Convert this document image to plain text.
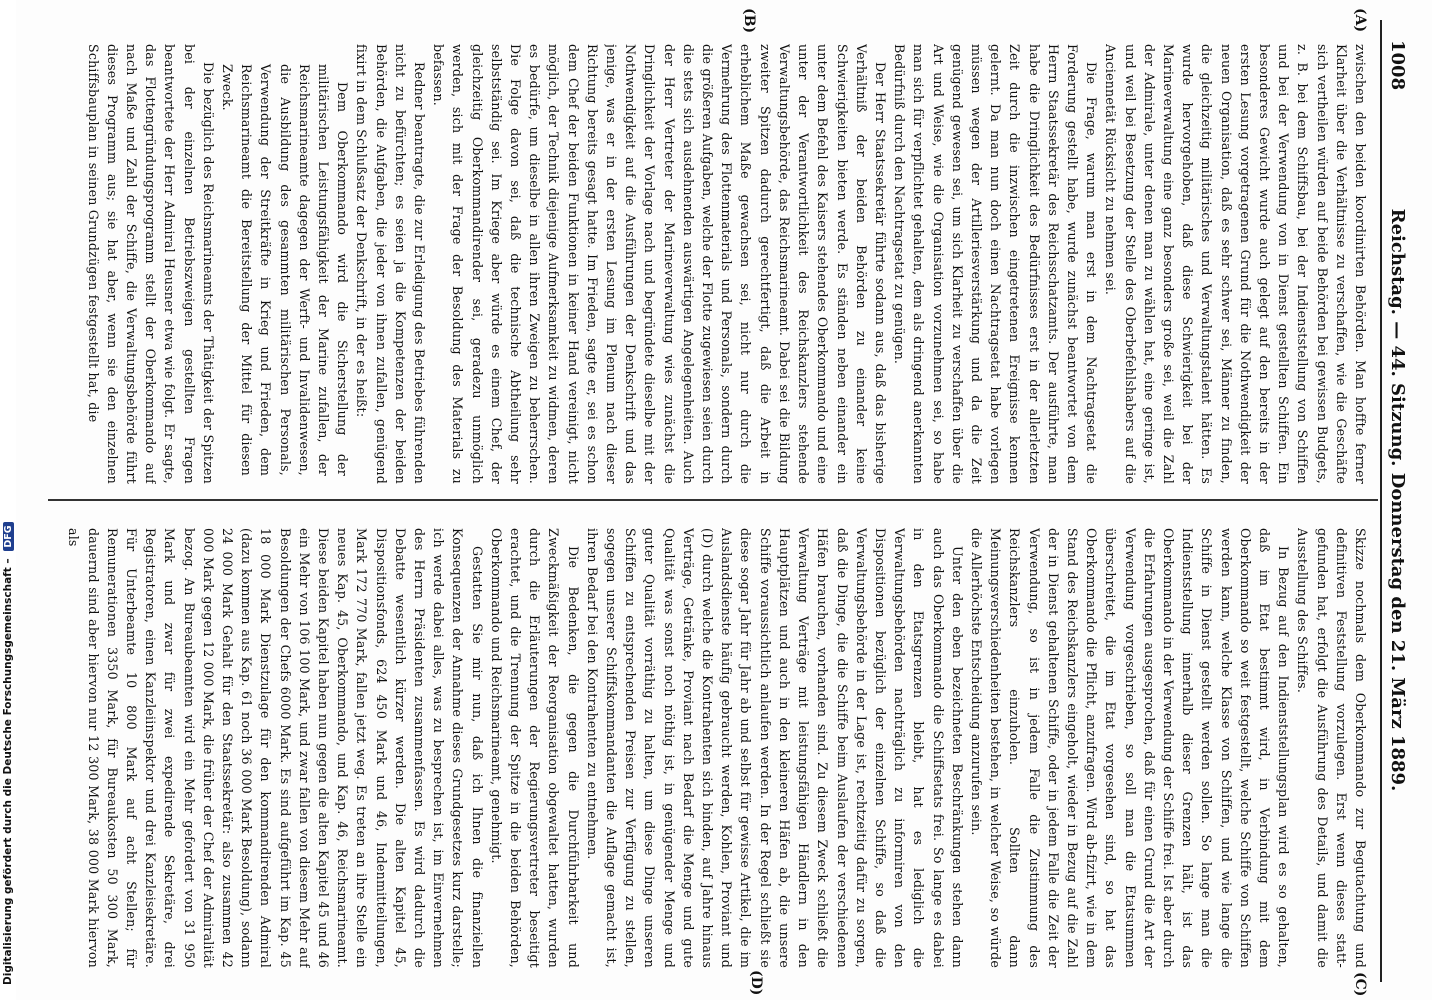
1008
Reichstag. — 44. Sitzung. Donnerstag den 21. März 1889.
(A)
(B)
(C)
(D)

zwischen den beiden koordinirten Behörden. Man hoffte ferner Klarheit über die Verhältnisse zu verschaffen, wie die Geschäfte sich vertheilen würden auf beide Behörden bei gewissen Budgets, z. B. bei dem Schiffsbau, bei der Indienststellung von Schiffen und bei der Verwendung von in Dienst gestellten Schiffen. Ein besonderes Gewicht wurde auch gelegt auf den bereits in der ersten Lesung vorgetragenen Grund für die Nothwendigkeit der neuen Organisation, daß es sehr schwer sei, Männer zu finden, die gleichzeitig militärisches und Verwaltungstalent hätten. Es wurde hervorgehoben, daß diese Schwierigkeit bei der Marineverwaltung eine ganz besonders große sei, weil die Zahl der Admirale, unter denen man zu wählen hat, eine geringe ist, und weil bei Besetzung der Stelle des Oberbefehlshabers auf die Anciennetät Rücksicht zu nehmen sei.

Die Frage, warum man erst in dem Nachtragsetat die Forderung gestellt habe, wurde zunächst beantwortet von dem Herrn Staatssekretär des Reichsschatzamts. Der ausführte, man habe die Dringlichkeit des Bedürfnisses erst in der allerletzten Zeit durch die inzwischen eingetretenen Ereignisse kennen gelernt. Da man nun doch einen Nachtragsetat habe vorlegen müssen wegen der Artilleriesverstärkung und da die Zeit genügend gewesen sei, um sich Klarheit zu verschaffen über die Art und Weise, wie die Organisation vorzunehmen sei, so habe man sich für verpflichtet gehalten, dem als dringend anerkannten Bedürfniß durch den Nachtragsetat zu genügen.

Der Herr Staatssekretär führte sodann aus, daß das bisherige Verhältniß der beiden Behörden zu einander keine Schwierigkeiten bieten werde. Es ständen neben einander ein unter dem Befehl des Kaisers stehendes Oberkommando und eine unter der Verantwortlichkeit des Reichskanzlers stehende Verwaltungsbehörde, das Reichsmarineamt. Dabei sei die Bildung zweiter Spitzen dadurch gerechtfertigt, daß die Arbeit in erheblichem Maße gewachsen sei, nicht nur durch die Vermehrung des Flottenmaterials und Personals, sondern durch die größeren Aufgaben, welche der Flotte zugewiesen seien durch die stets sich ausdehnenden auswärtigen Angelegenheiten. Auch der Herr Vertreter der Marineverwaltung wies zunächst die Dringlichkeit der Vorlage nach und begründete dieselbe mit der Nothwendigkeit auf die Ausführungen der Denkschrift und das jenige, was er in der ersten Lesung im Plenum nach dieser Richtung bereits gesagt hatte. Im Frieden, sagte er, sei es schon dem Chef der beiden Funktionen in keiner Hand vereinigt, nicht möglich, der Technik diejenige Aufmerksamkeit zu widmen, deren es bedürfe, um dieselbe in allen ihren Zweigen zu beherrschen. Die Folge davon sei, daß die technische Abtheilung sehr selbstständig sei. Im Kriege aber würde es einem Chef, der gleichzeitig Oberkommandirender sei, geradezu unmöglich werden, sich mit der Frage der Besoldung des Materials zu befassen.

Redner beantragte, die zur Erledigung des Betriebes führenden nicht zu befürchten; es seien ja die Kompetenzen der beiden Behörden, die Aufgaben, die jeder von ihnen zufallen, genügend fixirt in dem Schlußsatz der Denkschrift, in der es heißt:

Dem Oberkommando wird die Sicherstellung der militärischen Leistungsfähigkeit der Marine zufallen, der Reichsmarineamte dagegen der Werft- und Invalidenwesen, die Ausbildung des gesammten militärischen Personals, Verwendung der Streitkräfte in Krieg und Frieden, dem Reichsmarineamt die Bereitstellung der Mittel für diesen Zweck.

Die bezüglich des Reichsmarineamts der Thätigkeit der Spitzen bei der einzelnen Betriebszweigen gestellten Fragen beantwortete der Herr Admiral Heusner etwa wie folgt. Er sagte, das Flottengründungsprogramm stellt der Oberkommando auf nach Maße und Zahl der Schiffe, die Verwaltungsbehörde führt dieses Programm aus; sie hat aber, wenn sie den einzelnen Schiffsbauplan in seinen Grundzügen festgestellt hat, die

Skizze nochmals dem Oberkommando zur Begutachtung und definitiven Feststellung vorzulegen. Erst wenn dieses statt-gefunden hat, erfolgt die Ausführung des Details, und damit die Ausstellung des Schiffes.

In Bezug auf den Indienststellungsplan wird es so gehalten, daß im Etat bestimmt wird, in Verbindung mit dem Oberkommando so weit festgestellt, welche Schiffe von Schiffen werden kann, welche Klasse von Schiffen, und wie lange die Schiffe in Dienst gestellt werden sollen. So lange man die Indienststellung innerhalb dieser Grenzen hält, ist das Oberkommando in der Verwendung der Schiffe frei. Ist aber durch die Erfahrungen ausgesprochen, daß für einen Grund die Art der Verwendung vorgeschrieben, so soll man die Etatsummen überschreitet, die im Etat vorgesehen sind, so hat das Oberkommando die Pflicht, anzufragen. Wird ab-fizirt, wie in dem Stand des Reichskanzlers eingeholt, wieder in Bezug auf die Zahl der in Dienst gehaltenen Schiffe, oder in jedem Falle die Zeit der Verwendung, so ist in jedem Falle die Zustimmung des Reichskanzlers einzuholen. Sollten dann Meinungsverschiedenheiten bestehen, in welcher Weise, so würde die Allerhöchste Entscheidung anzurufen sein.

Unter den eben bezeichneten Beschränkungen stehen dann auch das Oberkommando die Schiffsetats frei. So lange es dabei in den Etatsgrenzen bleibt, hat es lediglich die Verwaltungsbehörden nachträglich zu informiren von den Dispositionen bezüglich der einzelnen Schiffe, so daß die Verwaltungsbehörde in der Lage ist, rechtzeitig dafür zu sorgen, daß die Dinge, die die Schiffe beim Auslaufen der verschiedenen Häfen brauchen, vorhanden sind. Zu diesem Zweck schließt die Verwaltung Verträge mit leistungsfähigen Händlern in den Hauptplätzen und auch in den kleineren Häfen ab, die unsere Schiffe voraussichtlich anlaufen werden. In der Regel schließt sie diese sogar Jahr für Jahr ab und selbst für gewisse Artikel, die im Auslandsdienste häufig gebraucht werden, Kohlen, Proviant und (D) durch welche die Kontrahenten sich binden, auf Jahre hinaus Verträge, Getränke, Proviant nach Bedarf die Menge und gute Qualität was sonst noch nöthig ist, in genügender Menge und guter Qualität vorräthig zu halten, um diese Dinge unseren Schiffen zu entsprechenden Preisen zur Verfügung zu stellen, sogegen unserer Schiffskommandanten die Auflage gemacht ist, ihren Bedarf bei den Kontrahenten zu entnehmen.

Die Bedenken, die gegen die Durchführbarkeit und Zweckmäßigkeit der Reorganisation obgewaltet hatten, wurden durch die Erläuterungen der Regierungsvertreter beseitigt erachtet, und die Trennung der Spitze in die beiden Behörden, Oberkommando und Reichsmarineamt, genehmigt.

Gestatten Sie mir nun, daß ich Ihnen die finanziellen Konsequenzen der Annahme dieses Grundgesetzes kurz darstelle; ich werde dabei alles, was zu besprechen ist, im Einvernehmen des Herrn Präsidenten zusammenfassen. Es wird dadurch die Debatte wesentlich kürzer werden. Die alten Kapitel 45, Dispositionsfonds, 624 450 Mark und 46, Indenmitteilungen, Mark 172 770 Mark, fallen jetzt weg. Es treten an ihre Stelle ein neues Kap. 45, Oberkommando, und Kap. 46, Reichsmarineamt. Diese beiden Kapitel haben nun gegen die alten Kapitel 45 und 46 ein Mehr von 106 100 Mark, und zwar fallen von diesem Mehr auf Besoldungen der Chefs 6000 Mark. Es sind aufgeführt im Kap. 45 18 000 Mark Dienstzulage für den kommandirenden Admiral (dazu kommen aus Kap. 61 noch 36 000 Mark Besoldung), sodann 24 000 Mark Gehalt für den Staatssekretär: also zusammen 42 000 Mark gegen 12 000 Mark, die früher der Chef der Admiralität bezog. An Bureaubeamten wird ein Mehr gefordert von 31 950 Mark und zwar für zwei expedirende Sekretäre, drei Registratoren, einen Kanzleiinspektor und drei Kanzleisekretäre. Für Unterbeamte 10 800 Mark auf acht Stellen; für Remunerationen 3350 Mark, für Bureaukosten 50 300 Mark, dauernd sind aber hiervon nur 12 300 Mark, 38 000 Mark hiervon als

Digitalisierung gefördert durch die Deutsche Forschungsgemeinschaft – DFG
